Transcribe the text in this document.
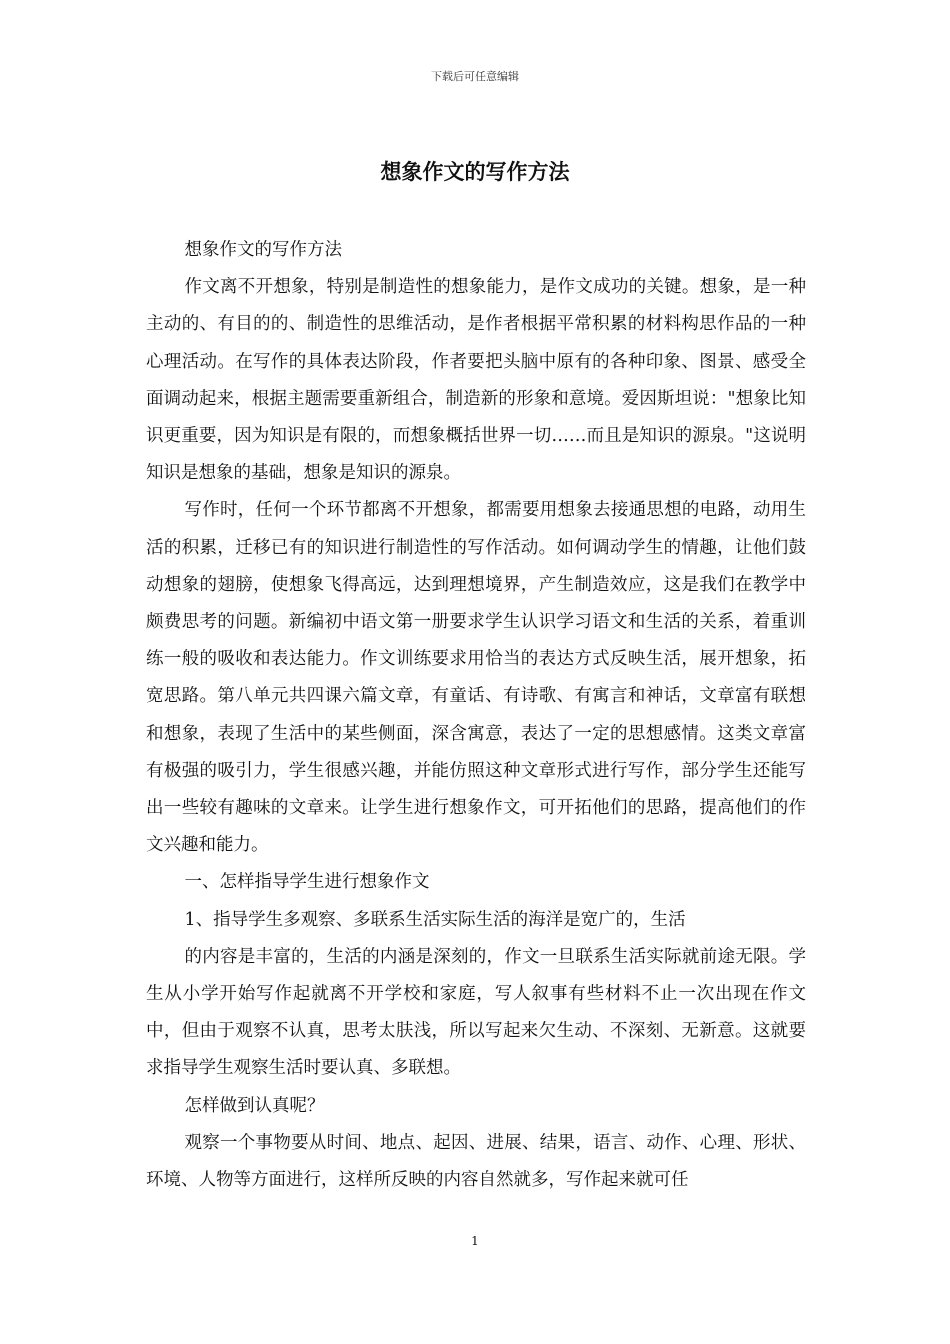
下载后可任意编辑
想象作文的写作方法

想象作文的写作方法

作文离不开想象，特别是制造性的想象能力，是作文成功的关键。想象，是一种主动的、有目的的、制造性的思维活动，是作者根据平常积累的材料构思作品的一种心理活动。在写作的具体表达阶段，作者要把头脑中原有的各种印象、图景、感受全面调动起来，根据主题需要重新组合，制造新的形象和意境。爱因斯坦说："想象比知识更重要，因为知识是有限的，而想象概括世界一切……而且是知识的源泉。"这说明知识是想象的基础，想象是知识的源泉。

写作时，任何一个环节都离不开想象，都需要用想象去接通思想的电路，动用生活的积累，迁移已有的知识进行制造性的写作活动。如何调动学生的情趣，让他们鼓动想象的翅膀，使想象飞得高远，达到理想境界，产生制造效应，这是我们在教学中颇费思考的问题。新编初中语文第一册要求学生认识学习语文和生活的关系，着重训练一般的吸收和表达能力。作文训练要求用恰当的表达方式反映生活，展开想象，拓宽思路。第八单元共四课六篇文章，有童话、有诗歌、有寓言和神话，文章富有联想和想象，表现了生活中的某些侧面，深含寓意，表达了一定的思想感情。这类文章富有极强的吸引力，学生很感兴趣，并能仿照这种文章形式进行写作，部分学生还能写出一些较有趣味的文章来。让学生进行想象作文，可开拓他们的思路，提高他们的作文兴趣和能力。

一、怎样指导学生进行想象作文

1、指导学生多观察、多联系生活实际生活的海洋是宽广的，生活

的内容是丰富的，生活的内涵是深刻的，作文一旦联系生活实际就前途无限。学生从小学开始写作起就离不开学校和家庭，写人叙事有些材料不止一次出现在作文中，但由于观察不认真，思考太肤浅，所以写起来欠生动、不深刻、无新意。这就要求指导学生观察生活时要认真、多联想。

怎样做到认真呢？

观察一个事物要从时间、地点、起因、进展、结果，语言、动作、心理、形状、环境、人物等方面进行，这样所反映的内容自然就多，写作起来就可任

1
